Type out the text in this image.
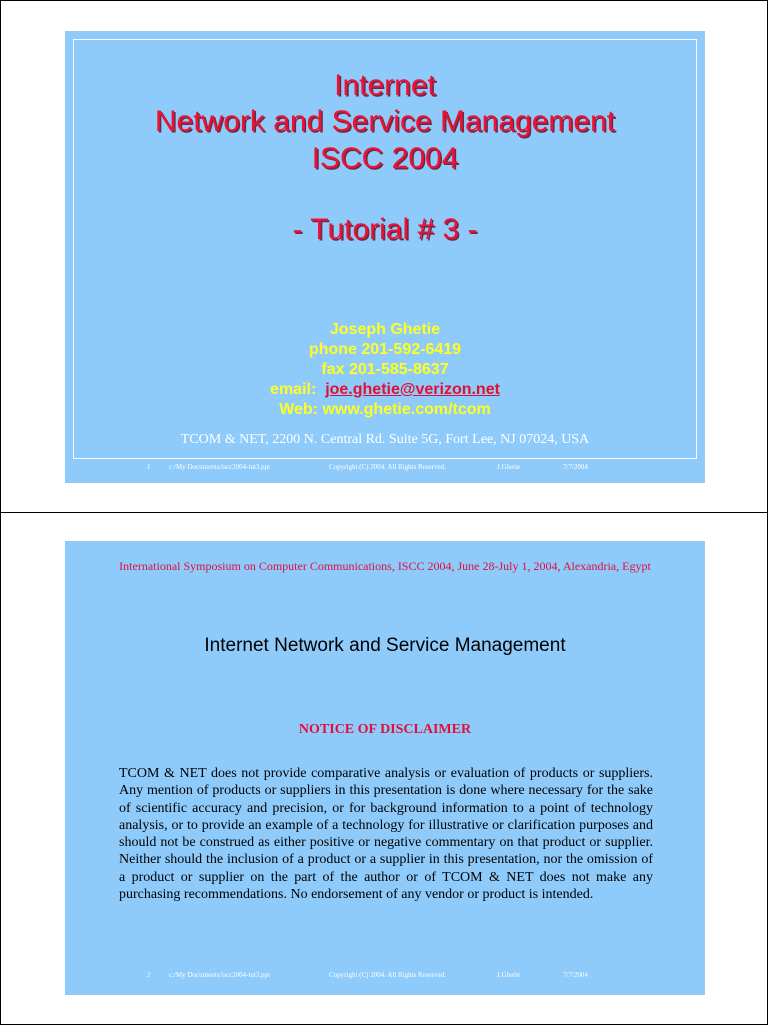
Internet
Network and Service Management
ISCC 2004
- Tutorial # 3 -
Joseph Ghetie
phone 201-592-6419
fax 201-585-8637
email: joe.ghetie@verizon.net
Web: www.ghetie.com/tcom
TCOM & NET, 2200 N. Central Rd. Suite 5G, Fort Lee, NJ 07024, USA
1	c:/My Documents/iscc2004-tut3.ppt	Copyright (C) 2004. All Rights Reserved.	J.Ghetie	7/7/2004
International Symposium on Computer Communications, ISCC 2004, June 28-July 1, 2004, Alexandria, Egypt
Internet Network and Service Management
NOTICE OF DISCLAIMER
TCOM & NET does not provide comparative analysis or evaluation of products or suppliers. Any mention of products or suppliers in this presentation is done where necessary for the sake of scientific accuracy and precision, or for background information to a point of technology analysis, or to provide an example of a technology for illustrative or clarification purposes and should not be construed as either positive or negative commentary on that product or supplier. Neither should the inclusion of a product or a supplier in this presentation, nor the omission of a product or supplier on the part of the author or of TCOM & NET does not make any purchasing recommendations. No endorsement of any vendor or product is intended.
2	c:/My Documents/iscc2004-tut3.ppt	Copyright (C) 2004. All Rights Reserved.	J.Ghetie	7/7/2004
